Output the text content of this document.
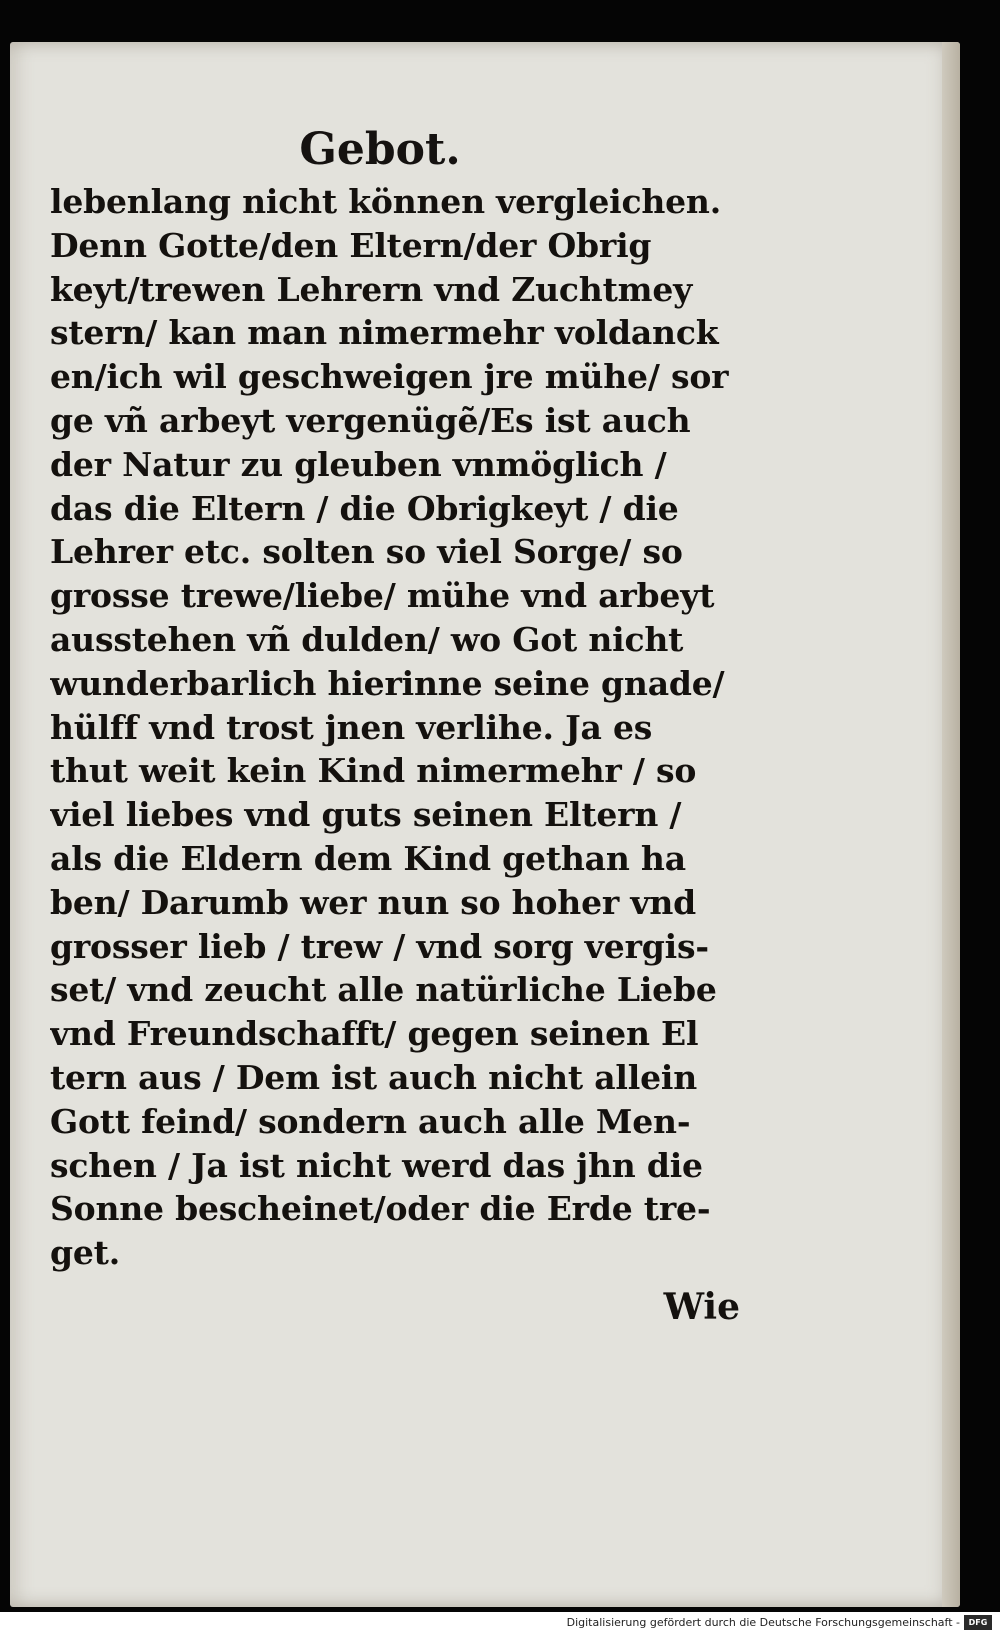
Gebot.
lebenlang nicht können vergleichen.
Denn Gotte/den Eltern/der Obrig
keyt/trewen Lehrern vnd Zuchtmey
stern/ kan man nimermehr voldanck
en/ich wil geschweigen jre mühe/ sor
ge vñ arbeyt vergenügẽ/Es ist auch
der Natur zu gleuben vnmöglich /
das die Eltern / die Obrigkeyt / die
Lehrer etc. solten so viel Sorge/ so
grosse trewe/liebe/ mühe vnd arbeyt
ausstehen vñ dulden/ wo Got nicht
wunderbarlich hierinne seine gnade/
hülff vnd trost jnen verlihe. Ja es
thut weit kein Kind nimermehr / so
viel liebes vnd guts seinen Eltern /
als die Eldern dem Kind gethan ha
ben/ Darumb wer nun so hoher vnd
grosser lieb / trew / vnd sorg vergis-
set/ vnd zeucht alle natürliche Liebe
vnd Freundschafft/ gegen seinen El
tern aus / Dem ist auch nicht allein
Gott feind/ sondern auch alle Men-
schen / Ja ist nicht werd das jhn die
Sonne bescheinet/oder die Erde tre-
get.
Wie
Digitalisierung gefördert durch die Deutsche Forschungsgemeinschaft -	DFG
